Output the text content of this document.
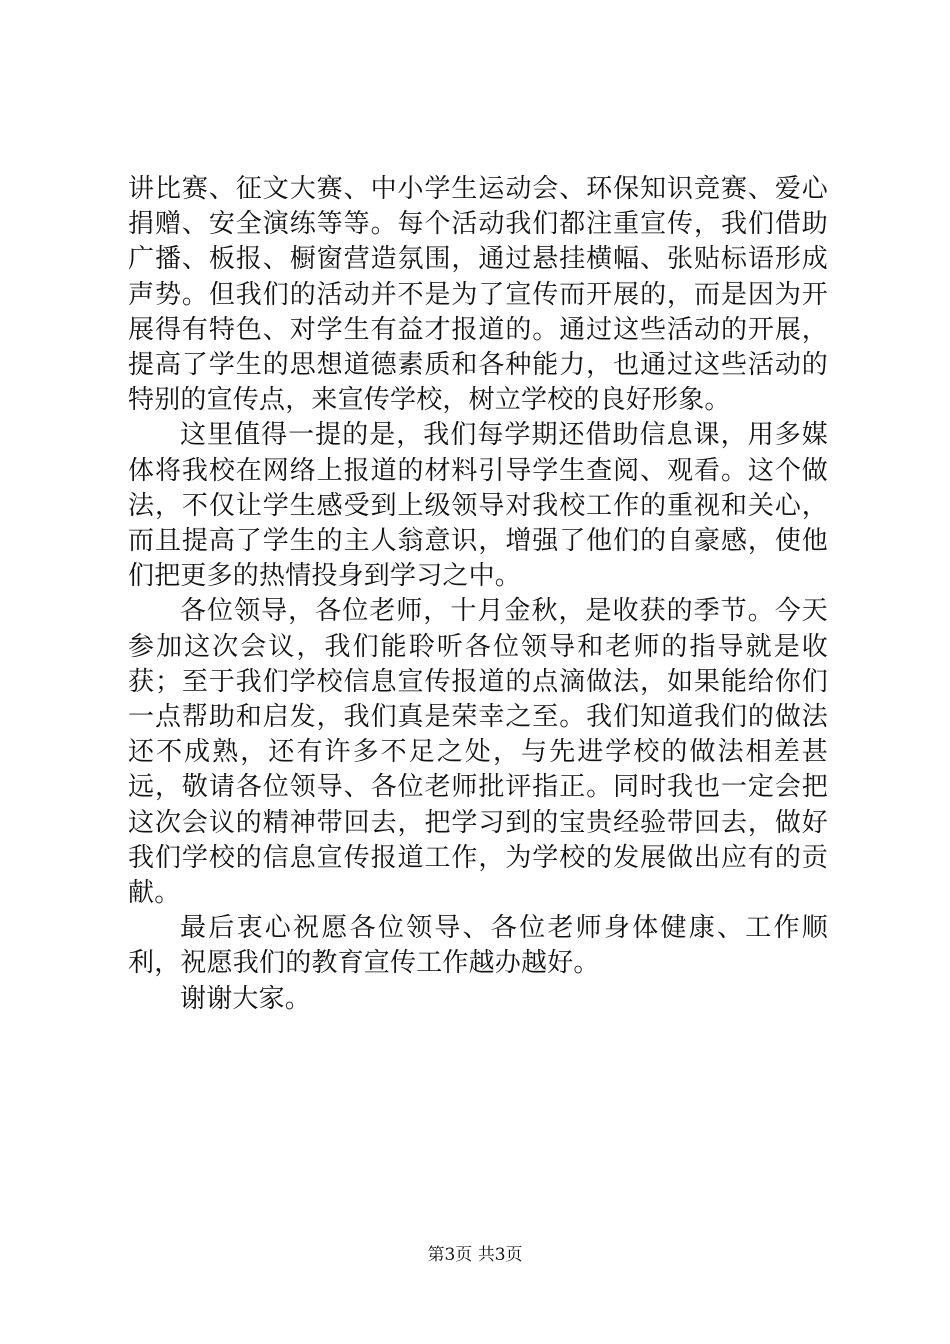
讲比赛、征文大赛、中小学生运动会、环保知识竞赛、爱心捐赠、安全演练等等。每个活动我们都注重宣传，我们借助广播、板报、橱窗营造氛围，通过悬挂横幅、张贴标语形成声势。但我们的活动并不是为了宣传而开展的，而是因为开展得有特色、对学生有益才报道的。通过这些活动的开展，提高了学生的思想道德素质和各种能力，也通过这些活动的特别的宣传点，来宣传学校，树立学校的良好形象。

这里值得一提的是，我们每学期还借助信息课，用多媒体将我校在网络上报道的材料引导学生查阅、观看。这个做法，不仅让学生感受到上级领导对我校工作的重视和关心，而且提高了学生的主人翁意识，增强了他们的自豪感，使他们把更多的热情投身到学习之中。

各位领导，各位老师，十月金秋，是收获的季节。今天参加这次会议，我们能聆听各位领导和老师的指导就是收获；至于我们学校信息宣传报道的点滴做法，如果能给你们一点帮助和启发，我们真是荣幸之至。我们知道我们的做法还不成熟，还有许多不足之处，与先进学校的做法相差甚远，敬请各位领导、各位老师批评指正。同时我也一定会把这次会议的精神带回去，把学习到的宝贵经验带回去，做好我们学校的信息宣传报道工作，为学校的发展做出应有的贡献。

最后衷心祝愿各位领导、各位老师身体健康、工作顺利，祝愿我们的教育宣传工作越办越好。

谢谢大家。

第3页 共3页
